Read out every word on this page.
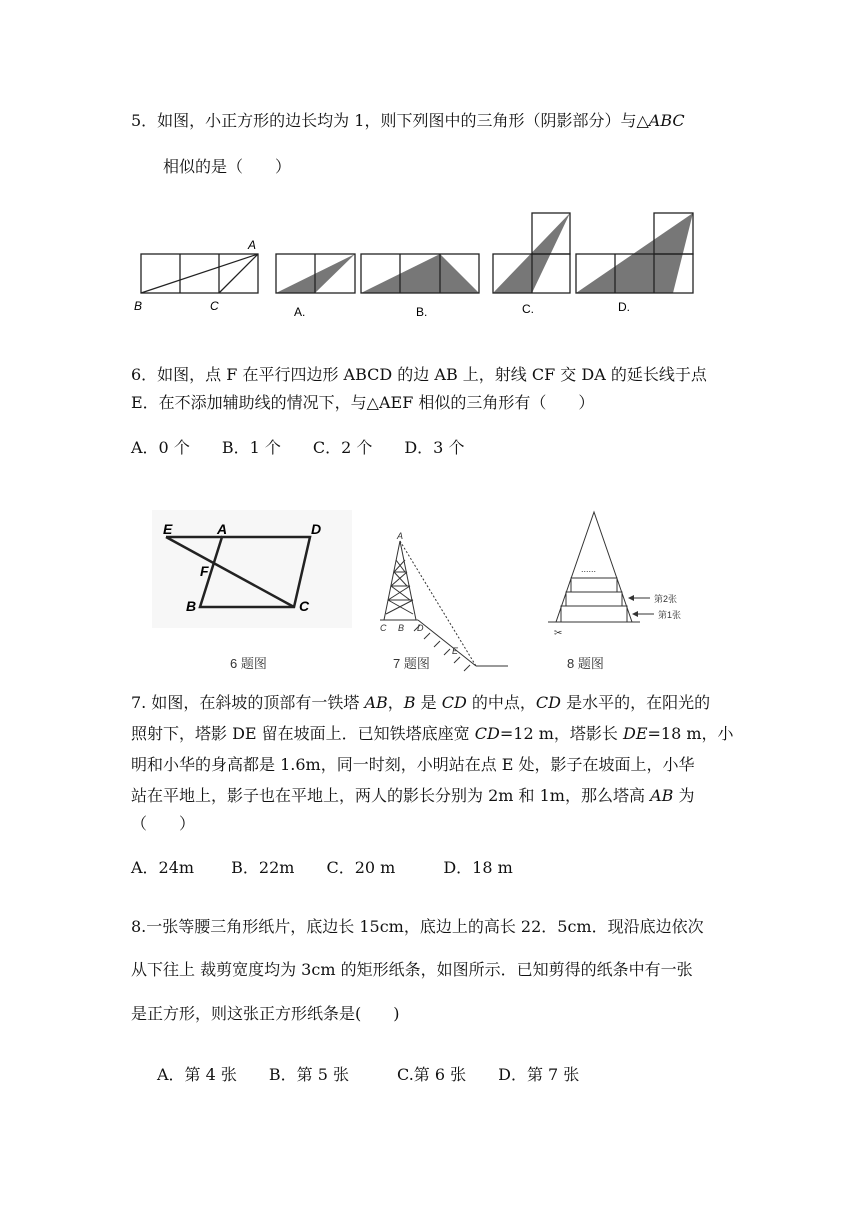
5．如图，小正方形的边长均为 1，则下列图中的三角形（阴影部分）与△ABC
相似的是（　　）
A
B	C	A.	B.	C.	D.
6．如图，点 F 在平行四边形 ABCD 的边 AB 上，射线 CF 交 DA 的延长线于点
E．在不添加辅助线的情况下，与△AEF 相似的三角形有（　　）
A．0 个　　B．1 个　　C．2 个　　D．3 个
E	A	D
F
B	C
6 题图
A
C B D
E
7 题图
✂
......
第2张
第1张
8 题图
7. 如图，在斜坡的顶部有一铁塔 AB，B 是 CD 的中点，CD 是水平的，在阳光的
照射下，塔影 DE 留在坡面上．已知铁塔底座宽 CD=12 m，塔影长 DE=18 m，小
明和小华的身高都是 1.6m，同一时刻，小明站在点 E 处，影子在坡面上，小华
站在平地上，影子也在平地上，两人的影长分别为 2m 和 1m，那么塔高 AB 为
（　　）
A．24m　　 B．22m　　C．20 m　　　D．18 m
8.一张等腰三角形纸片，底边长 15cm，底边上的高长 22．5cm．现沿底边依次
从下往上 裁剪宽度均为 3cm 的矩形纸条，如图所示．已知剪得的纸条中有一张
是正方形，则这张正方形纸条是(　　)
A．第 4 张　　B．第 5 张　　　C.第 6 张　　D．第 7 张
